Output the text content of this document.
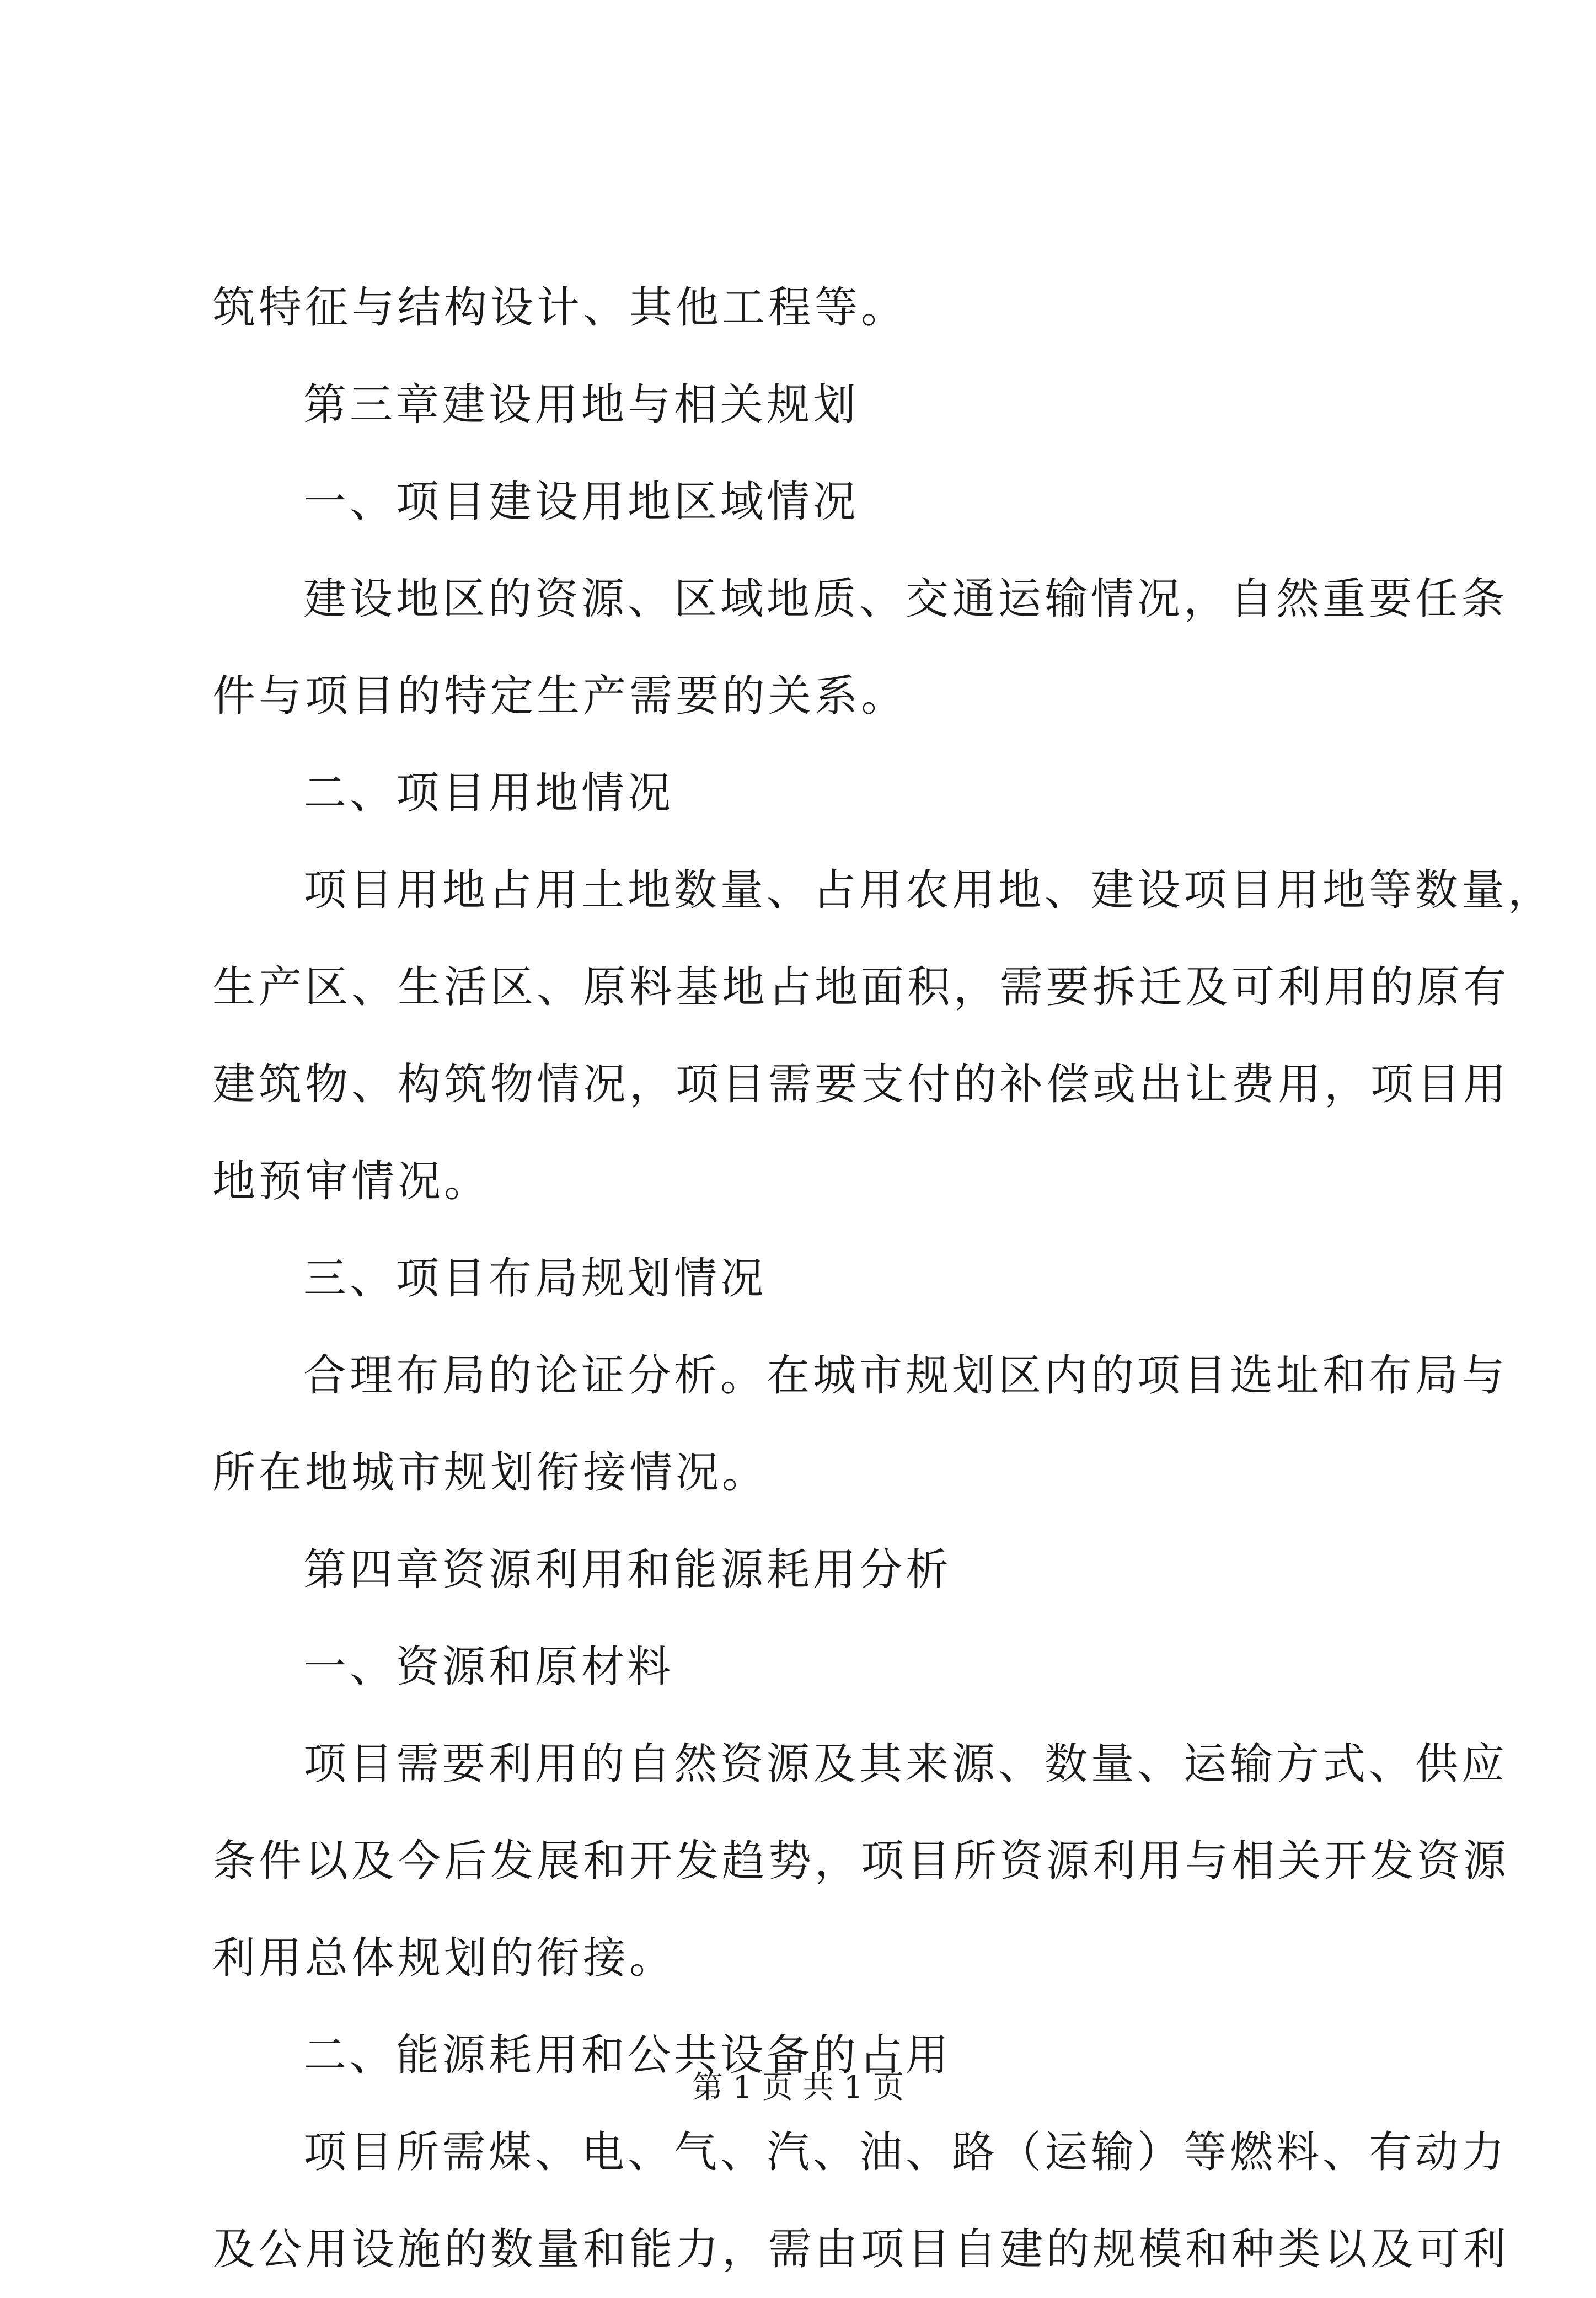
筑特征与结构设计、其他工程等。
第三章建设用地与相关规划
一、项目建设用地区域情况
建设地区的资源、区域地质、交通运输情况，自然重要任条
件与项目的特定生产需要的关系。
二、项目用地情况
项目用地占用土地数量、占用农用地、建设项目用地等数量，
生产区、生活区、原料基地占地面积，需要拆迁及可利用的原有
建筑物、构筑物情况，项目需要支付的补偿或出让费用，项目用
地预审情况。
三、项目布局规划情况
合理布局的论证分析。在城市规划区内的项目选址和布局与
所在地城市规划衔接情况。
第四章资源利用和能源耗用分析
一、资源和原材料
项目需要利用的自然资源及其来源、数量、运输方式、供应
条件以及今后发展和开发趋势，项目所资源利用与相关开发资源
利用总体规划的衔接。
二、能源耗用和公共设备的占用
项目所需煤、电、气、汽、油、路（运输）等燃料、有动力
及公用设施的数量和能力，需由项目自建的规模和种类以及可利
第 1 页 共 1 页
